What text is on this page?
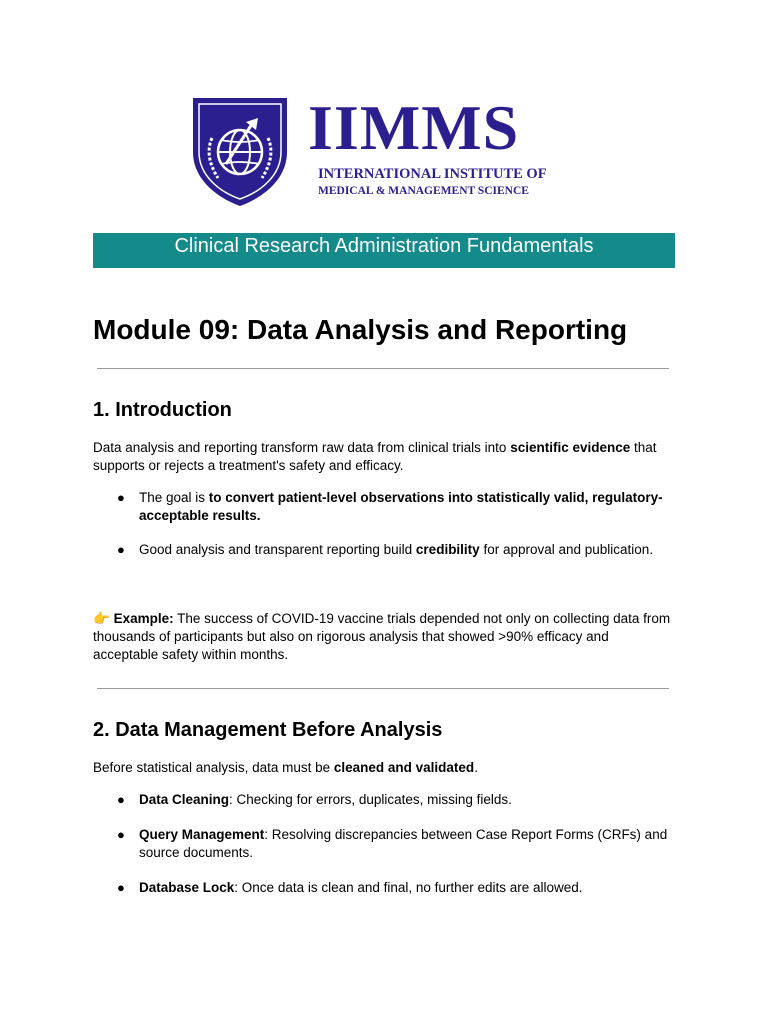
IIMMS
INTERNATIONAL INSTITUTE OF
MEDICAL & MANAGEMENT SCIENCE
Clinical Research Administration Fundamentals
Module 09: Data Analysis and Reporting
1. Introduction
Data analysis and reporting transform raw data from clinical trials into scientific evidence that supports or rejects a treatment's safety and efficacy.
● The goal is to convert patient-level observations into statistically valid, regulatory-acceptable results.
● Good analysis and transparent reporting build credibility for approval and publication.
👉 Example: The success of COVID-19 vaccine trials depended not only on collecting data from thousands of participants but also on rigorous analysis that showed >90% efficacy and acceptable safety within months.
2. Data Management Before Analysis
Before statistical analysis, data must be cleaned and validated.
● Data Cleaning: Checking for errors, duplicates, missing fields.
● Query Management: Resolving discrepancies between Case Report Forms (CRFs) and source documents.
● Database Lock: Once data is clean and final, no further edits are allowed.
